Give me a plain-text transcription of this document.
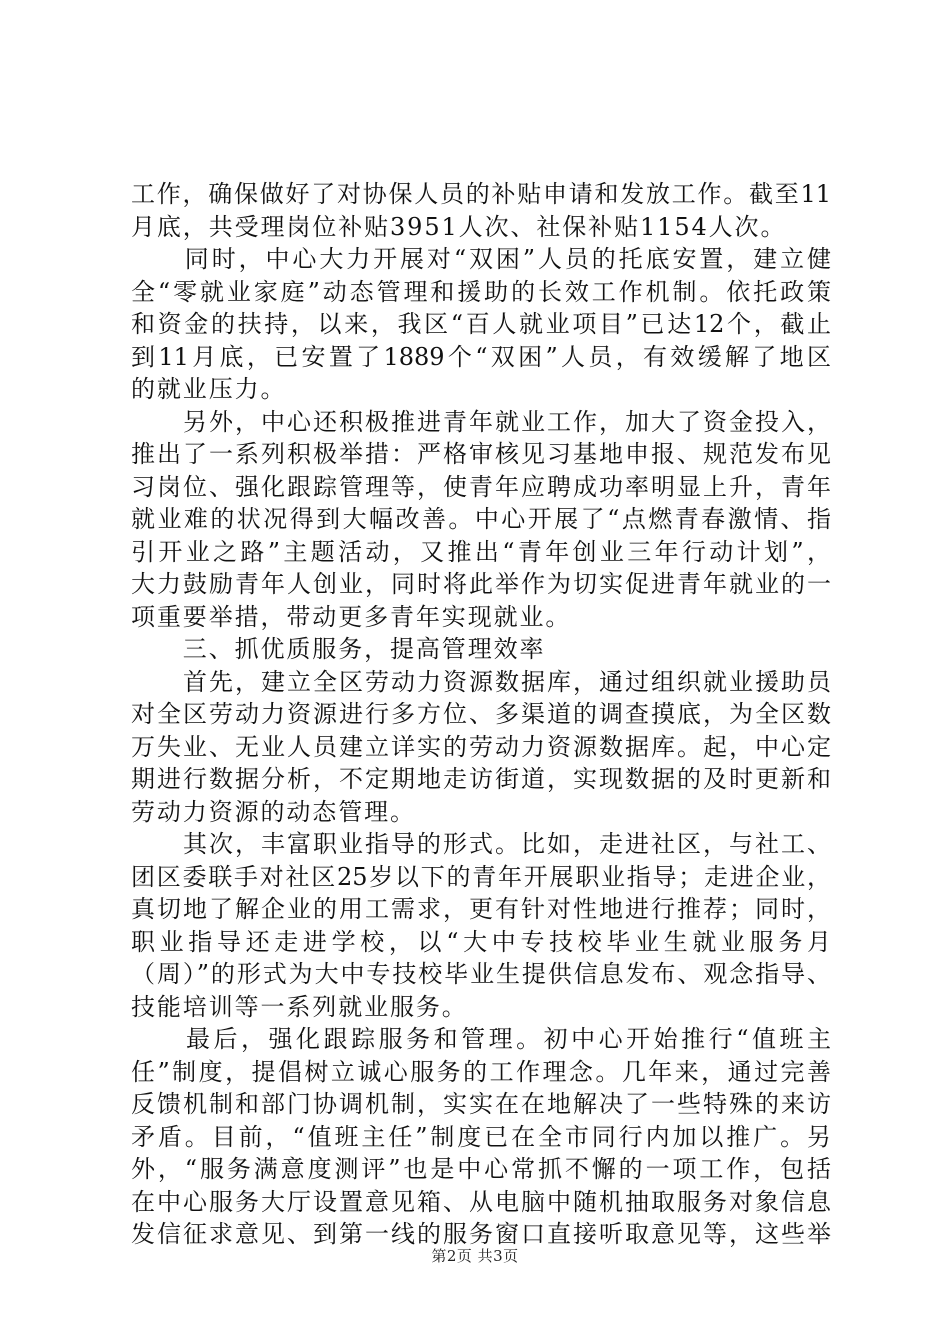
工作，确保做好了对协保人员的补贴申请和发放工作。截至11
月底，共受理岗位补贴3951人次、社保补贴1154人次。
　　同时，中心大力开展对“双困”人员的托底安置，建立健
全“零就业家庭”动态管理和援助的长效工作机制。依托政策
和资金的扶持，以来，我区“百人就业项目”已达12个，截止
到11月底，已安置了1889个“双困”人员，有效缓解了地区
的就业压力。
　　另外，中心还积极推进青年就业工作，加大了资金投入，
推出了一系列积极举措：严格审核见习基地申报、规范发布见
习岗位、强化跟踪管理等，使青年应聘成功率明显上升，青年
就业难的状况得到大幅改善。中心开展了“点燃青春激情、指
引开业之路”主题活动，又推出“青年创业三年行动计划”，
大力鼓励青年人创业，同时将此举作为切实促进青年就业的一
项重要举措，带动更多青年实现就业。
　　三、抓优质服务，提高管理效率
　　首先，建立全区劳动力资源数据库，通过组织就业援助员
对全区劳动力资源进行多方位、多渠道的调查摸底，为全区数
万失业、无业人员建立详实的劳动力资源数据库。起，中心定
期进行数据分析，不定期地走访街道，实现数据的及时更新和
劳动力资源的动态管理。
　　其次，丰富职业指导的形式。比如，走进社区，与社工、
团区委联手对社区25岁以下的青年开展职业指导；走进企业，
真切地了解企业的用工需求，更有针对性地进行推荐；同时，
职业指导还走进学校，以“大中专技校毕业生就业服务月
（周）”的形式为大中专技校毕业生提供信息发布、观念指导、
技能培训等一系列就业服务。
　　最后，强化跟踪服务和管理。初中心开始推行“值班主
任”制度，提倡树立诚心服务的工作理念。几年来，通过完善
反馈机制和部门协调机制，实实在在地解决了一些特殊的来访
矛盾。目前，“值班主任”制度已在全市同行内加以推广。另
外，“服务满意度测评”也是中心常抓不懈的一项工作，包括
在中心服务大厅设置意见箱、从电脑中随机抽取服务对象信息
发信征求意见、到第一线的服务窗口直接听取意见等，这些举
第2页 共3页
